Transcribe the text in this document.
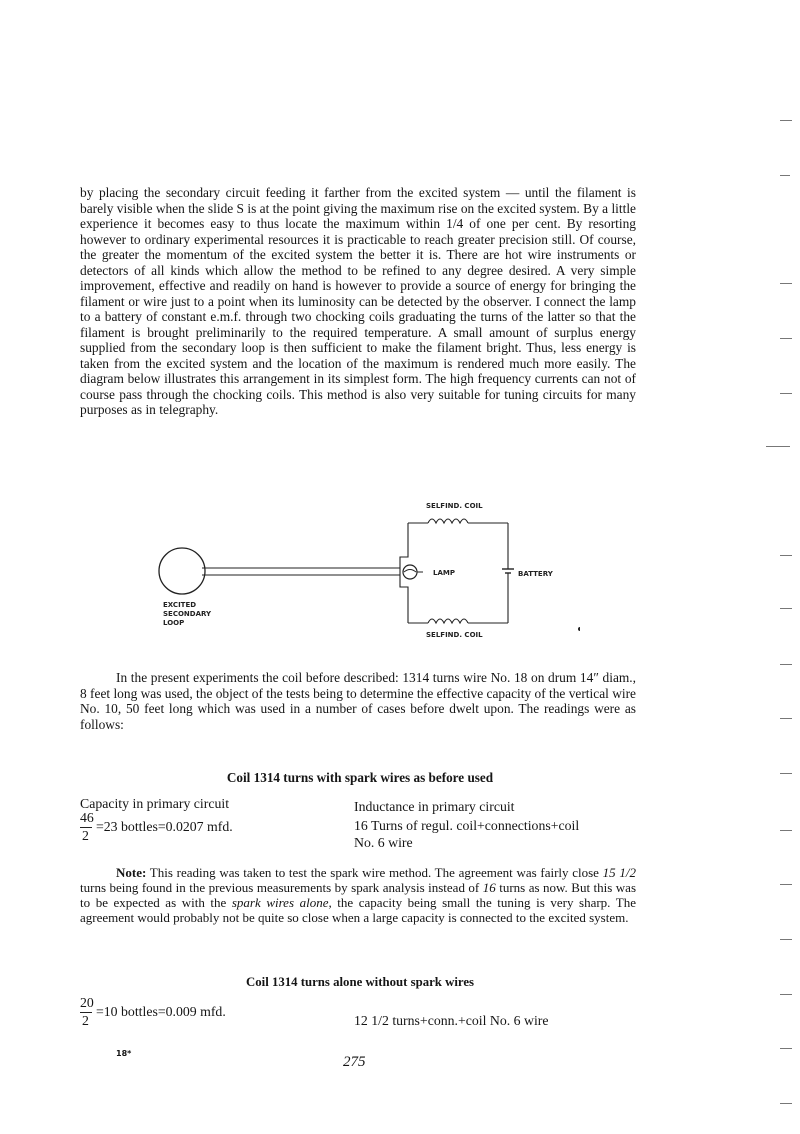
by placing the secondary circuit feeding it farther from the excited system — until the filament is barely visible when the slide S is at the point giving the maximum rise on the excited system. By a little experience it becomes easy to thus locate the maximum within 1/4 of one per cent. By resorting however to ordinary experimental resources it is practicable to reach greater precision still. Of course, the greater the momentum of the excited system the better it is. There are hot wire instruments or detectors of all kinds which allow the method to be refined to any degree desired. A very simple improvement, effective and readily on hand is however to provide a source of energy for bringing the filament or wire just to a point when its luminosity can be detected by the observer. I connect the lamp to a battery of constant e.m.f. through two chocking coils graduating the turns of the latter so that the filament is brought preliminarily to the required temperature. A small amount of surplus energy supplied from the secondary loop is then sufficient to make the filament bright. Thus, less energy is taken from the excited system and the location of the maximum is rendered much more easily. The diagram below illustrates this arrangement in its simplest form. The high frequency currents can not of course pass through the chocking coils. This method is also very suitable for tuning circuits for many purposes as in telegraphy.

SELFIND. COIL
SELFIND. COIL
LAMP	BATTERY
EXCITED
SECONDARY
LOOP

In the present experiments the coil before described: 1314 turns wire No. 18 on drum 14″ diam., 8 feet long was used, the object of the tests being to determine the effective capacity of the vertical wire No. 10, 50 feet long which was used in a number of cases before dwelt upon. The readings were as follows:

Coil 1314 turns with spark wires as before used
Capacity in primary circuit
46
2
=23 bottles=0.0207 mfd.
Inductance in primary circuit
16 Turns of regul. coil+connections+coil
No. 6 wire

Note: This reading was taken to test the spark wire method. The agreement was fairly close 15 1/2 turns being found in the previous measurements by spark analysis instead of 16 turns as now. But this was to be expected as with the spark wires alone, the capacity being small the tuning is very sharp. The agreement would probably not be quite so close when a large capacity is connected to the excited system.

Coil 1314 turns alone without spark wires
20
2
=10 bottles=0.009 mfd.
12 1/2 turns+conn.+coil No. 6 wire
18*
275
